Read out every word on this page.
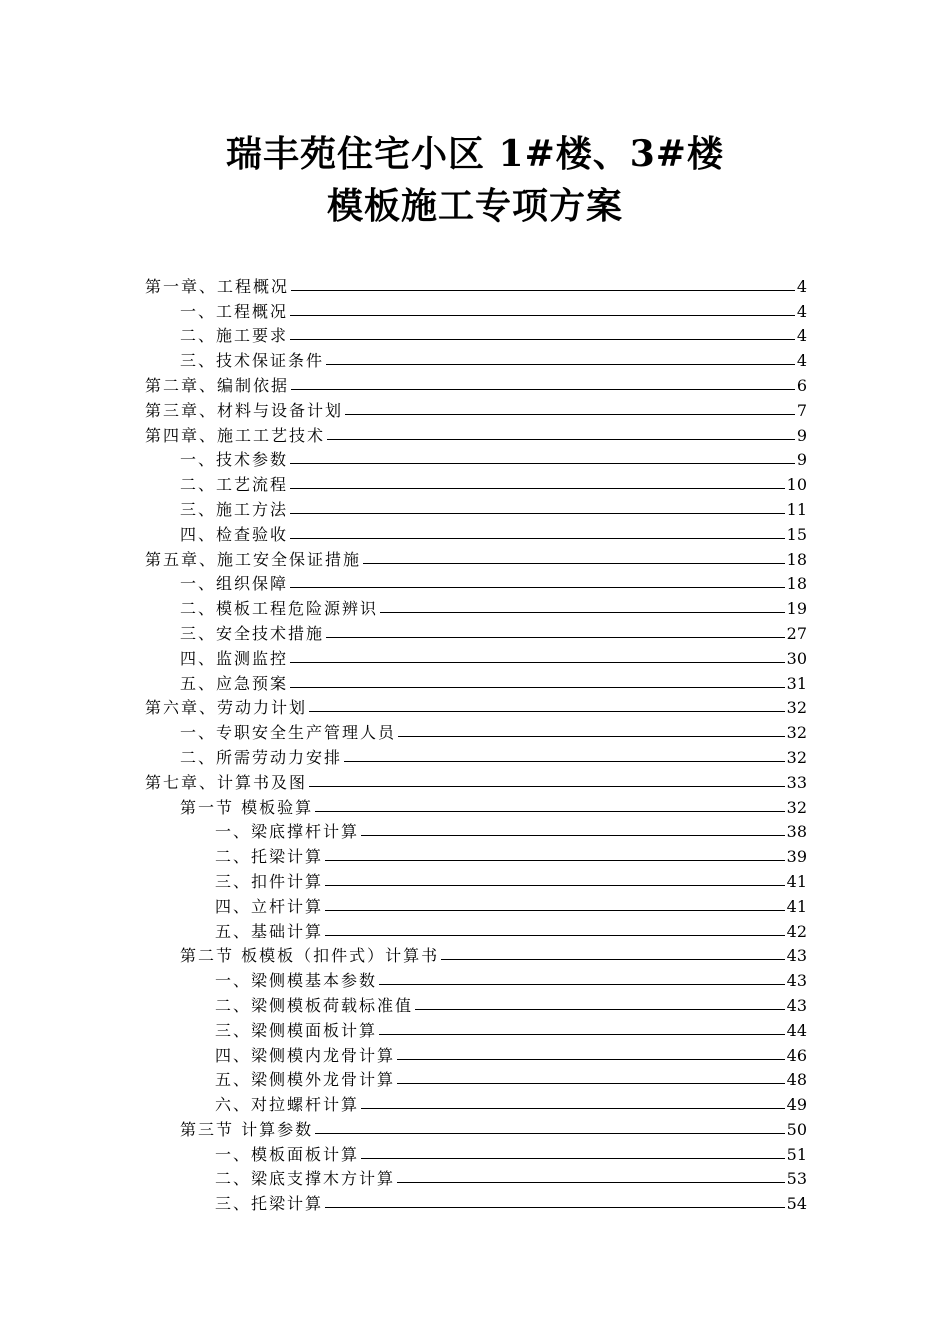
瑞丰苑住宅小区 1#楼、3#楼
模板施工专项方案
第一章、工程概况	4
一、工程概况	4
二、施工要求	4
三、技术保证条件	4
第二章、编制依据	6
第三章、材料与设备计划	7
第四章、施工工艺技术	9
一、技术参数	9
二、工艺流程	10
三、施工方法	11
四、检查验收	15
第五章、施工安全保证措施	18
一、组织保障	18
二、模板工程危险源辨识	19
三、安全技术措施	27
四、监测监控	30
五、应急预案	31
第六章、劳动力计划	32
一、专职安全生产管理人员	32
二、所需劳动力安排	32
第七章、计算书及图	33
第一节 模板验算	32
一、梁底撑杆计算	38
二、托梁计算	39
三、扣件计算	41
四、立杆计算	41
五、基础计算	42
第二节 板模板（扣件式）计算书	43
一、梁侧模基本参数	43
二、梁侧模板荷载标准值	43
三、梁侧模面板计算	44
四、梁侧模内龙骨计算	46
五、梁侧模外龙骨计算	48
六、对拉螺杆计算	49
第三节 计算参数	50
一、模板面板计算	51
二、梁底支撑木方计算	53
三、托梁计算	54
